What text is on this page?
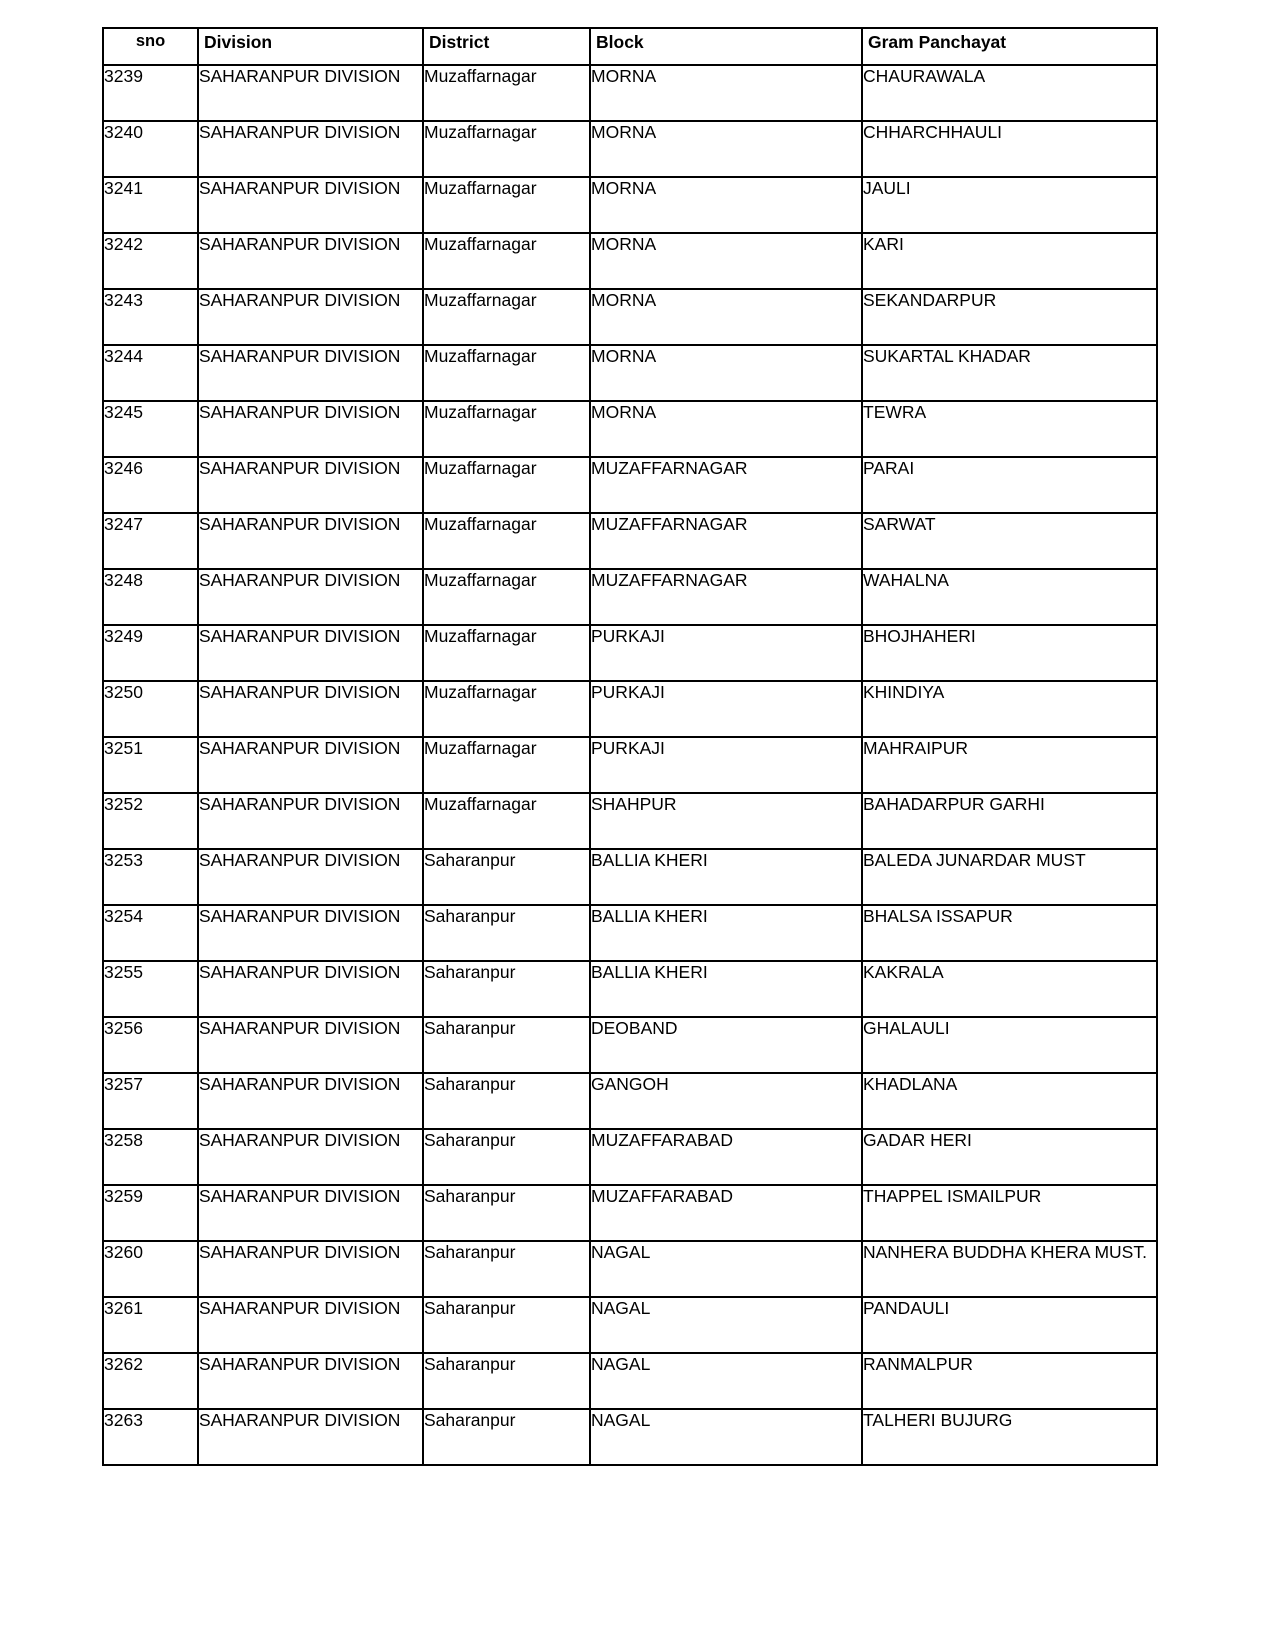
sno	Division	District	Block	Gram Panchayat
3239	SAHARANPUR DIVISION	Muzaffarnagar	MORNA	CHAURAWALA
3240	SAHARANPUR DIVISION	Muzaffarnagar	MORNA	CHHARCHHAULI
3241	SAHARANPUR DIVISION	Muzaffarnagar	MORNA	JAULI
3242	SAHARANPUR DIVISION	Muzaffarnagar	MORNA	KARI
3243	SAHARANPUR DIVISION	Muzaffarnagar	MORNA	SEKANDARPUR
3244	SAHARANPUR DIVISION	Muzaffarnagar	MORNA	SUKARTAL KHADAR
3245	SAHARANPUR DIVISION	Muzaffarnagar	MORNA	TEWRA
3246	SAHARANPUR DIVISION	Muzaffarnagar	MUZAFFARNAGAR	PARAI
3247	SAHARANPUR DIVISION	Muzaffarnagar	MUZAFFARNAGAR	SARWAT
3248	SAHARANPUR DIVISION	Muzaffarnagar	MUZAFFARNAGAR	WAHALNA
3249	SAHARANPUR DIVISION	Muzaffarnagar	PURKAJI	BHOJHAHERI
3250	SAHARANPUR DIVISION	Muzaffarnagar	PURKAJI	KHINDIYA
3251	SAHARANPUR DIVISION	Muzaffarnagar	PURKAJI	MAHRAIPUR
3252	SAHARANPUR DIVISION	Muzaffarnagar	SHAHPUR	BAHADARPUR GARHI
3253	SAHARANPUR DIVISION	Saharanpur	BALLIA KHERI	BALEDA JUNARDAR MUST
3254	SAHARANPUR DIVISION	Saharanpur	BALLIA KHERI	BHALSA ISSAPUR
3255	SAHARANPUR DIVISION	Saharanpur	BALLIA KHERI	KAKRALA
3256	SAHARANPUR DIVISION	Saharanpur	DEOBAND	GHALAULI
3257	SAHARANPUR DIVISION	Saharanpur	GANGOH	KHADLANA
3258	SAHARANPUR DIVISION	Saharanpur	MUZAFFARABAD	GADAR HERI
3259	SAHARANPUR DIVISION	Saharanpur	MUZAFFARABAD	THAPPEL ISMAILPUR
3260	SAHARANPUR DIVISION	Saharanpur	NAGAL	NANHERA BUDDHA KHERA MUST.
3261	SAHARANPUR DIVISION	Saharanpur	NAGAL	PANDAULI
3262	SAHARANPUR DIVISION	Saharanpur	NAGAL	RANMALPUR
3263	SAHARANPUR DIVISION	Saharanpur	NAGAL	TALHERI BUJURG
